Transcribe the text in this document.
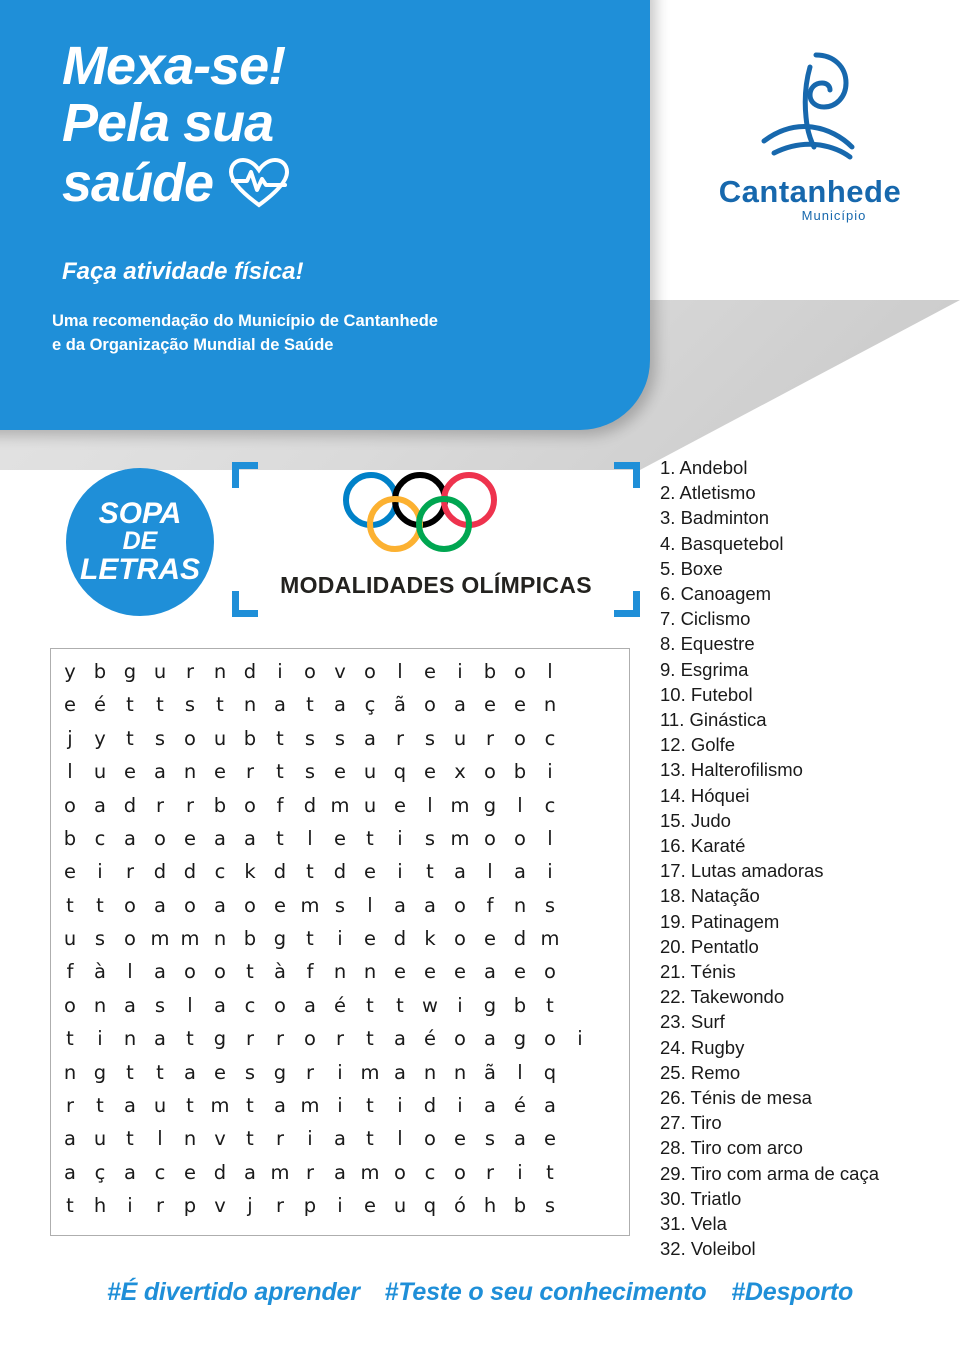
Mexa-se!
Pela sua
saúde
Faça atividade física!
Uma recomendação do Município de Cantanhede
e da Organização Mundial de Saúde
Cantanhede
Município
SOPA
DE
LETRAS	MODALIDADES OLÍMPICAS
y b g u	r	n d	i	o v o	l	e	i	b o	l
e é	t	t	s	t	n a	t	a ç ã o a e e n
j	y	t	s o u b	t	s	s a	r	s u	r	o c
l	u e a n e	r	t	s e u q e x o b	i
o a d	r	r	b o	f	d m u e	l m g	l	c
b c a o e a a	t	l	e	t	i	s m o o	l
e	i	r	d d c k d	t	d e	i	t	a	l	a	i
t	t	o a o a o e m s	l	a a o	f	n s
u s o m m n b g	t	i	e d k o e d m
f	à	l	a o o	t	à	f	n n e e e a e o
o n a s	l	a c o a é	t	t w i	g b	t
t	i	n a	t	g	r	r	o	r	t	a é o a g o	i
n g	t	t	a e s g	r	i m a n n ã	l	q
r	t	a u	t m t	a m i	t	i	d	i	a é a
a u	t	l	n v	t	r	i	a	t	l	o e s a e
a ç a c e d a m r	a m o c o	r	i	t
t	h	i	r	p v	j	r	p	i	e u q ó h b s
1. Andebol
2. Atletismo
3. Badminton
4. Basquetebol
5. Boxe
6. Canoagem
7. Ciclismo
8. Equestre
9. Esgrima
10. Futebol
11. Ginástica
12. Golfe
13. Halterofilismo
14. Hóquei
15. Judo
16. Karaté
17. Lutas amadoras
18. Natação
19. Patinagem
20. Pentatlo
21. Ténis
22. Takewondo
23. Surf
24. Rugby
25. Remo
26. Ténis de mesa
27. Tiro
28. Tiro com arco
29. Tiro com arma de caça
30. Triatlo
31. Vela
32. Voleibol
#É divertido aprender #Teste o seu conhecimento #Desporto
